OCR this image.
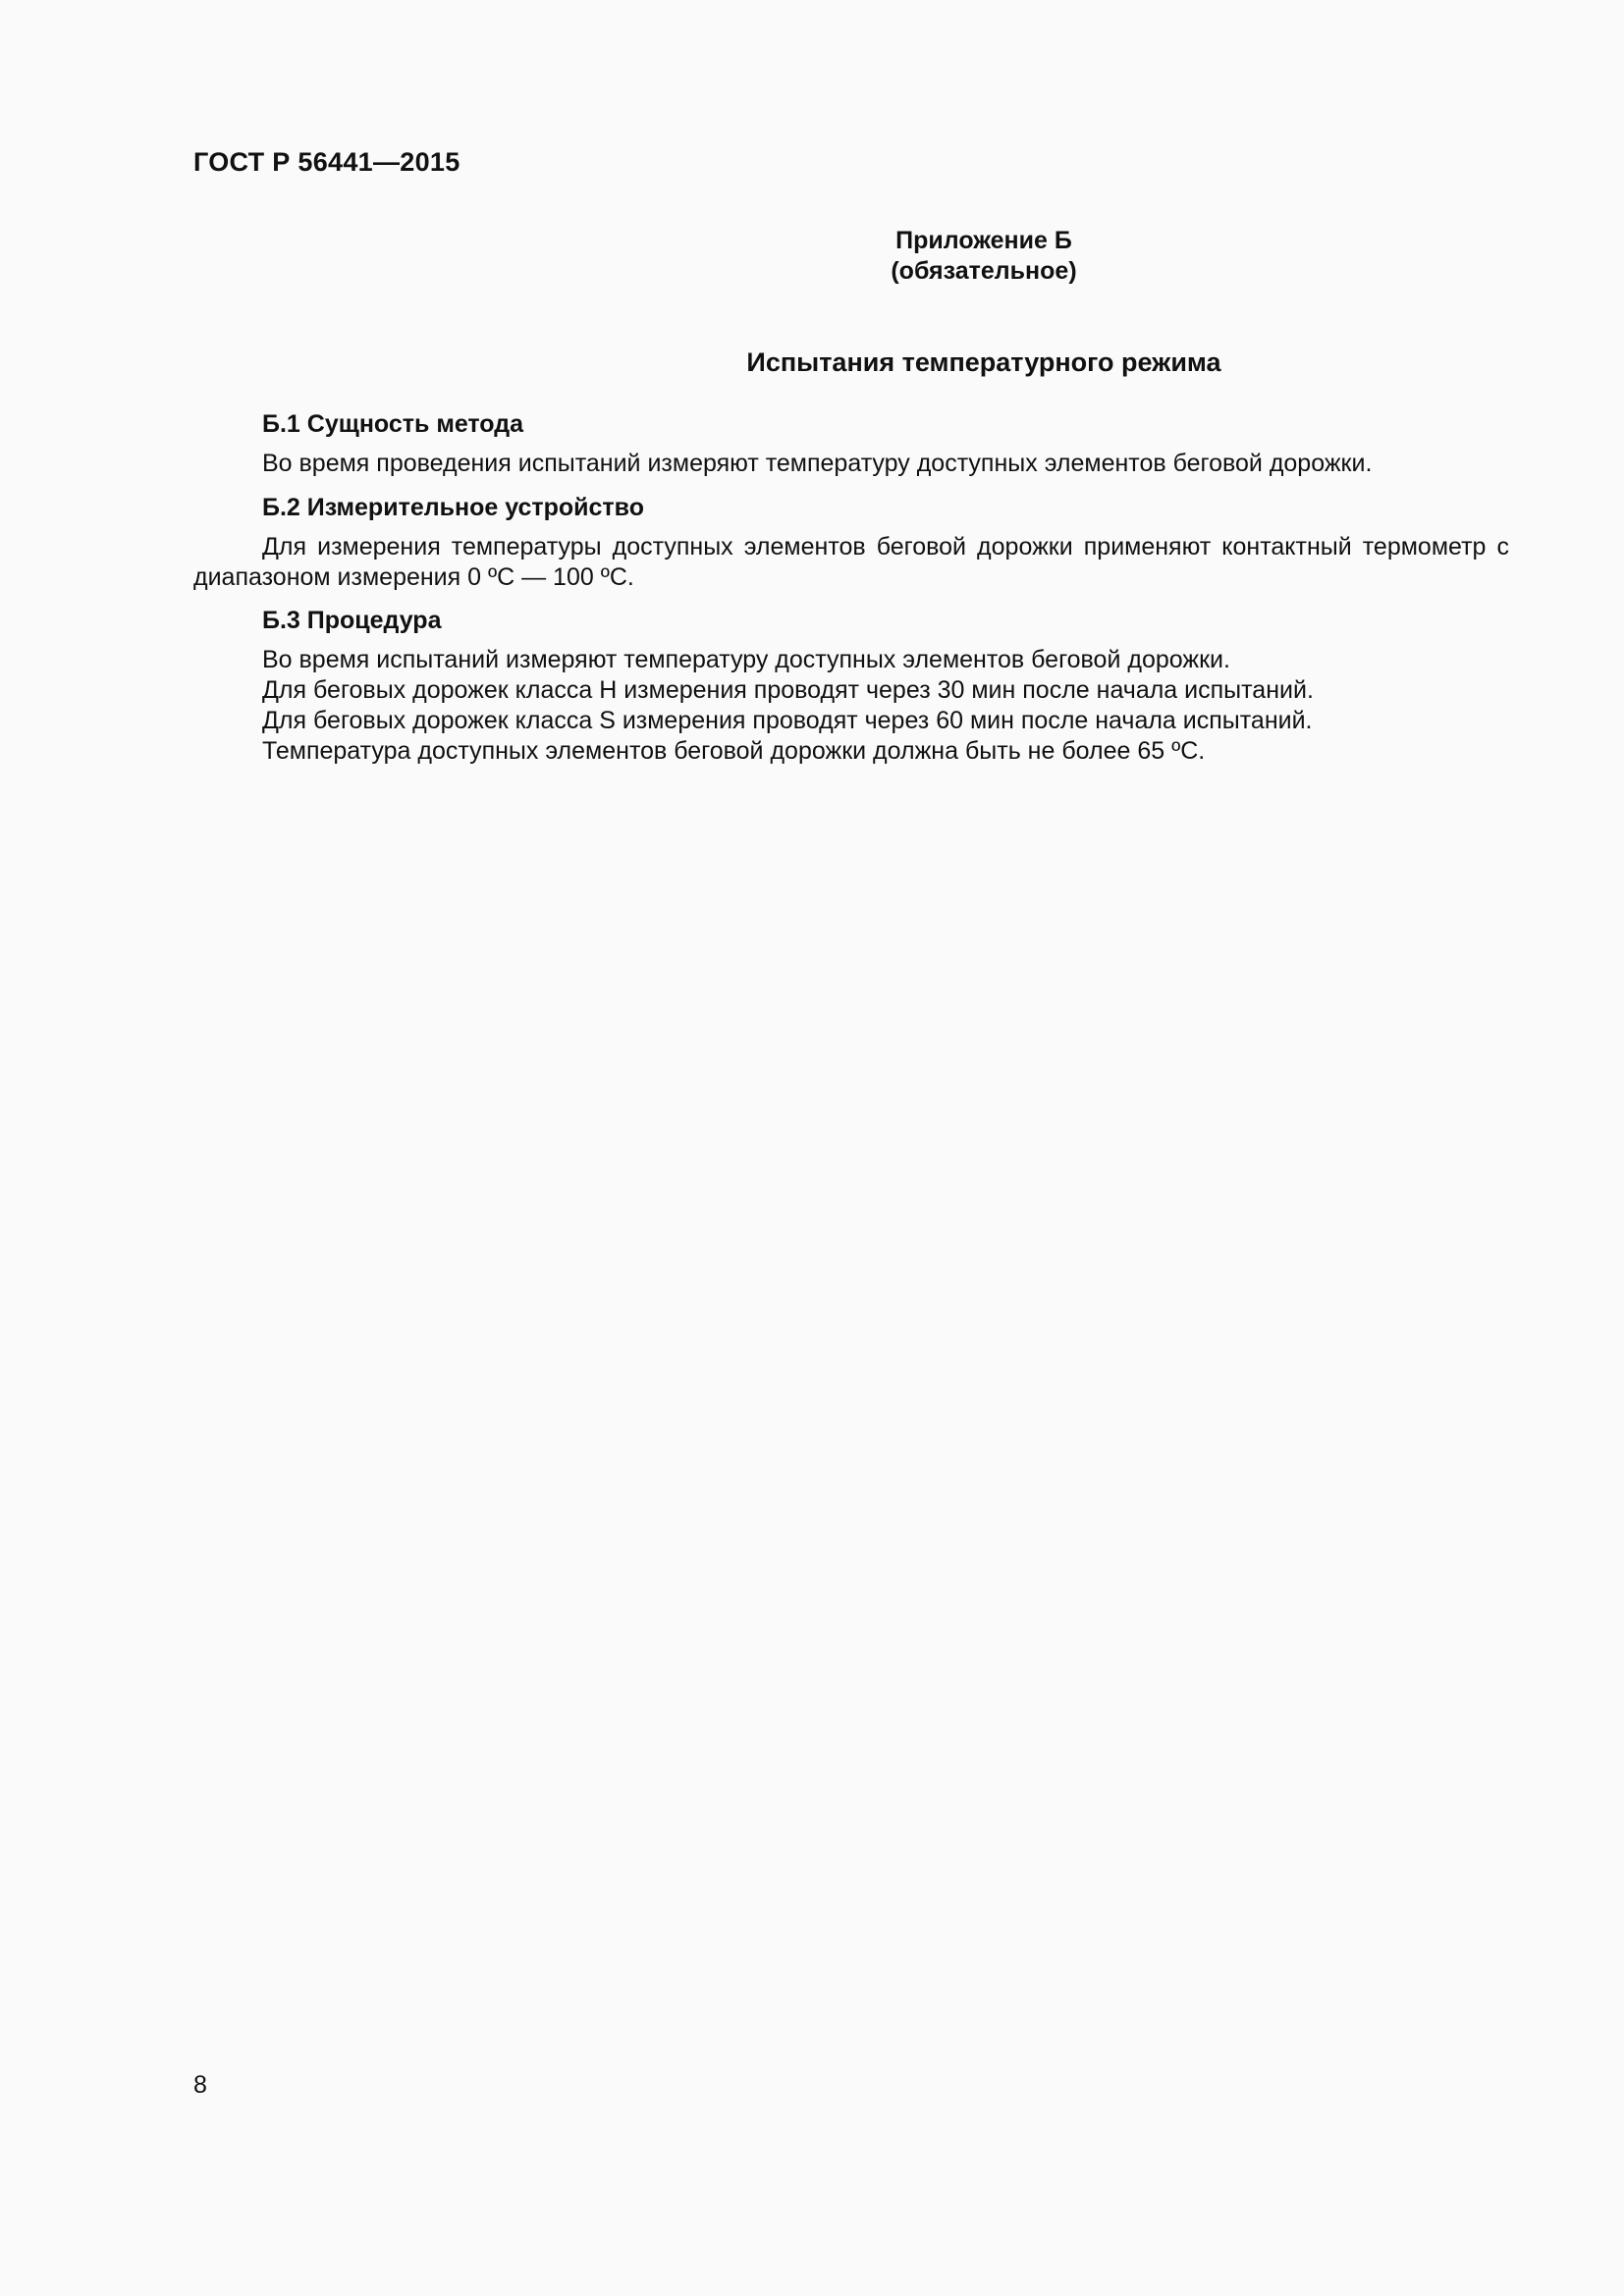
ГОСТ Р 56441—2015
Приложение Б
(обязательное)
Испытания температурного режима
Б.1 Сущность метода
Во время проведения испытаний измеряют температуру доступных элементов беговой дорожки.
Б.2 Измерительное устройство
Для измерения температуры доступных элементов беговой дорожки применяют контактный термометр с диапазоном измерения 0 ºС — 100 ºС.
Б.3 Процедура
Во время испытаний измеряют температуру доступных элементов беговой дорожки.
Для беговых дорожек класса Н измерения проводят через 30 мин после начала испытаний.
Для беговых дорожек класса S измерения проводят через 60 мин после начала испытаний.
Температура доступных элементов беговой дорожки должна быть не более 65 ºС.
8
